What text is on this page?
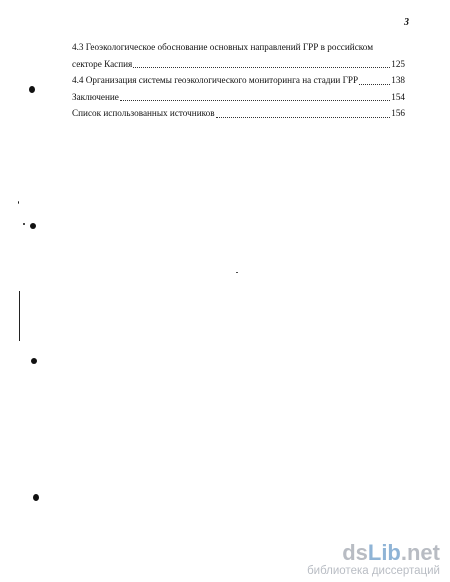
3
4.3 Геоэкологическое обоснование основных направлений ГРР в российском
секторе Каспия	125
4.4 Организация системы геоэкологического мониторинга на стадии ГРР	138
Заключение	154
Список использованных источников	156
dsLib.net
библиотека диссертаций
